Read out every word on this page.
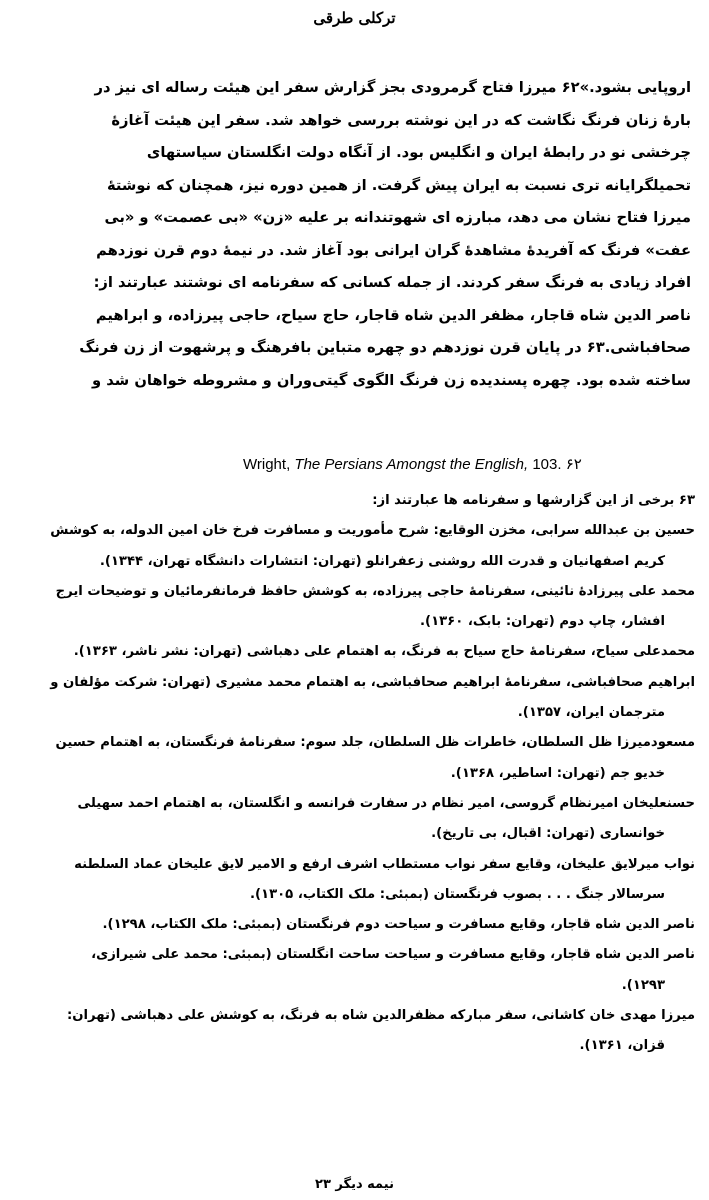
ترکلی طرقی
اروپایی بشود.»۶۲ میرزا فتاح گرمرودی بجز گزارش سفر این هیئت رساله ای نیز در
بارهٔ زنان فرنگ نگاشت که در این نوشته بررسی خواهد شد. سفر این هیئت آغازهٔ
چرخشی نو در رابطهٔ ایران و انگلیس بود. از آنگاه دولت انگلستان سیاستهای
تحمیلگرایانه تری نسبت به ایران پیش گرفت. از همین دوره نیز، همچنان که نوشتهٔ
میرزا فتاح نشان می دهد، مبارزه ای شهوتندانه بر علیه «زن» «بی عصمت» و «بی
عفت» فرنگ که آفریدهٔ مشاهدهٔ گران ایرانی بود آغاز شد. در نیمهٔ دوم قرن نوزدهم
افراد زیادی به فرنگ سفر کردند. از جمله کسانی که سفرنامه ای نوشتند عبارتند از:
ناصر الدین شاه قاجار، مظفر الدین شاه قاجار، حاج سیاح، حاجی پیرزاده، و ابراهیم
صحافباشی.۶۳ در پایان قرن نوزدهم دو چهره متباین بافرهنگ و پرشهوت از زن فرنگ
ساخته شده بود. چهره پسندیده زن فرنگ الگوی گیتی‌وران و مشروطه خواهان شد و
Wright, The Persians Amongst the English, 103. ۶۲
۶۳ برخی از این گزارشها و سفرنامه ها عبارتند از:
حسین بن عبدالله سرابی، مخزن الوقایع: شرح مأموریت و مسافرت فرخ خان امین الدوله، به کوشش
کریم اصفهانیان و قدرت الله روشنی زعفرانلو (تهران: انتشارات دانشگاه تهران، ۱۳۴۴).
محمد علی پیرزادهٔ نائینی، سفرنامهٔ حاجی پیرزاده، به کوشش حافظ فرمانفرمائیان و توضیحات ایرج
افشار، چاپ دوم (تهران: بابک، ۱۳۶۰).
محمدعلی سیاح، سفرنامهٔ حاج سیاح به فرنگ، به اهتمام علی دهباشی (تهران: نشر ناشر، ۱۳۶۳).
ابراهیم صحافباشی، سفرنامهٔ ابراهیم صحافباشی، به اهتمام محمد مشیری (تهران: شرکت مؤلفان و
مترجمان ایران، ۱۳۵۷).
مسعودمیرزا ظل السلطان، خاطرات ظل السلطان، جلد سوم: سفرنامهٔ فرنگستان، به اهتمام حسین
خدیو جم (تهران: اساطیر، ۱۳۶۸).
حسنعلیخان امیرنظام گروسی، امیر نظام در سفارت فرانسه و انگلستان، به اهتمام احمد سهیلی
خوانساری (تهران: اقبال، بی تاریخ).
نواب میرلایق علیخان، وقایع سفر نواب مستطاب اشرف ارفع و الامیر لایق علیخان عماد السلطنه
سرسالار جنگ . . . بصوب فرنگستان (بمبئی: ملک الکتاب، ۱۳۰۵).
ناصر الدین شاه قاجار، وقایع مسافرت و سیاحت دوم فرنگستان (بمبئی: ملک الکتاب، ۱۲۹۸).
ناصر الدین شاه قاجار، وقایع مسافرت و سیاحت ساحت انگلستان (بمبئی: محمد علی شیرازی،
۱۲۹۳).
میرزا مهدی خان کاشانی، سفر مبارکه مظفرالدین شاه به فرنگ، به کوشش علی دهباشی (تهران:
قزان، ۱۳۶۱).
نیمه دیگر ۲۳
